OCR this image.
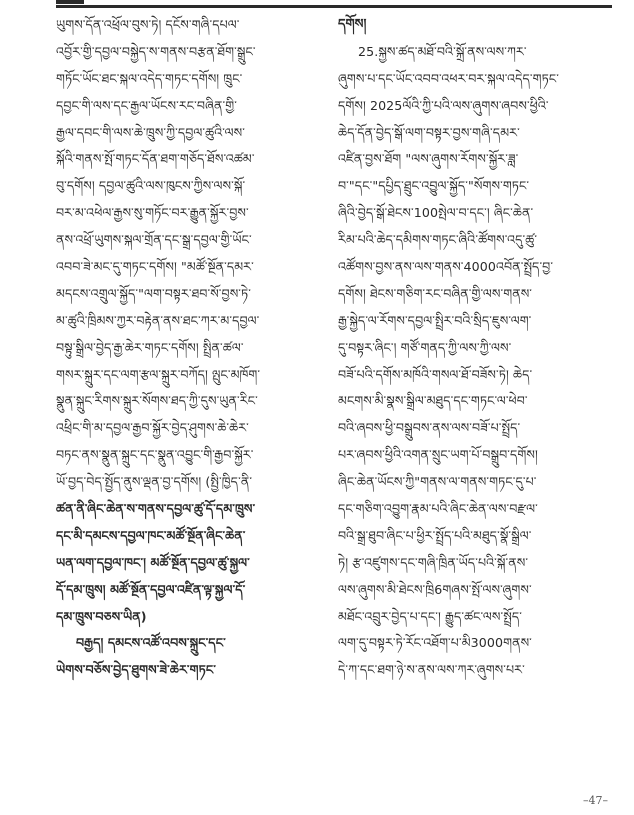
ཡུགས་དོན་འཕྲོལ་བུས་ཏེ། དངོས་གཞི་དཔལ་
འབྱོར་གྱི་དབྱལ་བསྐྱེད་ས་གནས་བརྩན་ཐོག་སྒྲུང་
གཏོང་ཡོང་ཐང་སྐལ་འདེད་གཏང་དགོས། ཁྲུང་
དབྱང་གི་ལས་དང་རྒྱལ་ཡོངས་རང་བཞིན་གྱི་
རྒྱལ་དབང་གི་ལས་ཆེ་ཁྲུས་ཀྱི་དབྱལ་ཚུའི་ལས་
སྐོའི་གནས་སྤོ་གཏང་དོན་ཐག་གཅོད་ཐོས་འཚམ་
བུ་དགོས། དབྱལ་ཚུའི་ལས་ཁུངས་ཀྱིས་ལས་སྐོ་
བར་མ་འཕེལ་རྒྱས་སུ་གཏོང་བར་རྒྱུན་སྐྱོར་བྱས་
ནས་འཕྲོ་ཡུགས་སྐལ་གྲོན་དང་སྒྲ་དབྱལ་གྱི་ཡོང་
འབབ་ཟེ་མང་དུ་གཏང་དགོས། "མཚོ་སྔོན་དམར་
མདངས་འགྲུལ་སྐྱོད་"ལག་བསྟར་ཐབ་སོ་བྱས་ཏེ་
མ་ཚུའི་ཁྲིམས་ཀྱར་བརྟེན་ནས་ཐང་ཀར་མ་དབྱལ་
བསྟུ་སྒྲིལ་བྱེད་རྒྱ་ཆེར་གཏང་དགོས། སྤྲིན་ཚལ་
གསར་སྐྲུར་དང་ལག་རྩལ་སྐྲུར་བཀོད། ལྤུང་མཁོག་
སྣུན་སྐྲུང་རིགས་སྐྲུར་སོགས་ཐད་ཀྱི་དུས་ཡུན་རིང་
འཕྲིང་གི་མ་དབྱལ་རྒྱབ་སྐྱོར་བྱེད་ཤུགས་ཆེ་ཆེར་
བཏང་ནས་སྣུན་སྐྲུང་དང་སྣུན་འབྱུང་གི་རྒྱབ་སྐྱོར་
ཡོ་བྱད་བེད་སྤྱོད་ནུས་ལྡན་བྱ་དགོས། (སྤྱི་ཁྱིད་ནི་
ཚན་ནི་ཞིང་ཆེན་ས་གནས་དབྱལ་ཚུ་དོ་དམ་ཁྲུས་
དང་མི་དམངས་དབྱལ་ཁང་མཚོ་སྔོན་ཞིང་ཆེན་
ཡན་ལག་དབྱལ་ཁང་། མཚོ་སྔོན་དབྱལ་ཚུ་སྐྱལ་
དོ་དམ་ཁྲུས། མཚོ་སྔོན་དབྱལ་འཛིན་ལྟ་སྐྱལ་དོ་
དམ་ཁྲུས་བཅས་ཡིན)
བརྒྱད། དམངས་འཚོ་འབས་སྐྲུང་དང་
ཡེགས་བཅོས་བྱེད་ཐུགས་ཟེ་ཆེར་གཏང་
དགོས།
25.སྐྱས་ཚད་མཐོ་བའི་སྐྲོ་ནས་ལས་ཀར་
ཞུགས་པ་དང་ཡོང་འབབ་འཕར་བར་སྐལ་འདེད་གཏང་
དགོས། 2025ལོའི་ཀྱི་པའི་ལས་ཞུགས་ཞབས་ཕྱིའི་
ཆེད་དོན་བྱེད་སྒོ་ལག་བསྟར་བྱས་གཞི་དམར་
འཛིན་བྱས་ཐོག "ལས་ཞུགས་རོགས་སྐྱོར་ཟླ་
བ་"དང་"དཔྱིད་ཐྲུང་འབྱུལ་སྐྱོད་"སོགས་གཏང་
ཞིའི་བྱེད་སྒོ་ཐེངས་100སྤེལ་བ་དང་། ཞིང་ཆེན་
རིམ་པའི་ཆེད་དམིགས་གཏང་ཞིའི་ཚོགས་འདུ་ཚུ་
འཚོགས་བྱས་ནས་ལས་གནས་4000འབོན་སྤྲོད་བྱ་
དགོས། ཐེངས་གཅིག་རང་བཞིན་གྱི་ལས་གནས་
རྒྱ་སྐྱེད་ལ་རོགས་དབྱལ་སྤྲིར་བའི་སྲིད་ཇུས་ལག་
དུ་བསྟར་ཞིང་། གཙོ་གནད་ཀྱི་ལས་ཀྱི་ལས་
བཟོ་པའི་དགོས་མཁོའི་གསལ་ཐོ་བཟོས་ཏེ། ཆེད་
མངགས་མི་སྣས་སྒྲིལ་མཐུད་དང་གཏང་ལ་ཕེབ་
བའི་ཞབས་ཕྱི་བསྒྲུབས་ནས་ལས་བཟོ་པ་སྤྲོད་
པར་ཞབས་ཕྱིའི་འགན་སྲུང་ཡག་པོ་བསྒྲུབ་དགོས།
ཞིང་ཆེན་ཡོངས་ཀྱི"གནས་ལ་གནས་གཏང་དུ་པ་
དང་གཅིག་འབྱུག་རྣམ་པའི་ཞིང་ཆེན་ལས་བརྫལ་
བའི་སྒྲ་ཐུབ་ཞིང་པ་ཕྱིར་སྤྲོད་པའི་མཐུད་སྣོ་སྒྲིལ་
ཏེ། རྩ་འཛུགས་དང་གཞི་ཁྲིན་ཡོད་པའི་སྐོ་ནས་
ལས་ཞུགས་མི་ཐེངས་ཁྲི6གཞས་སྤོ་ལས་ཞུགས་
མཐོང་འབྲུར་བྱེད་པ་དང་། རྒྱུད་ཚང་ལས་སྤྲོད་
ལག་དུ་བསྟར་ཏེ་རོང་འཐོག་པ་མི3000གནས་
དེ་ཀ་དང་ཐག་ཉེ་ས་ནས་ལས་ཀར་ཞུགས་པར་
–47–
